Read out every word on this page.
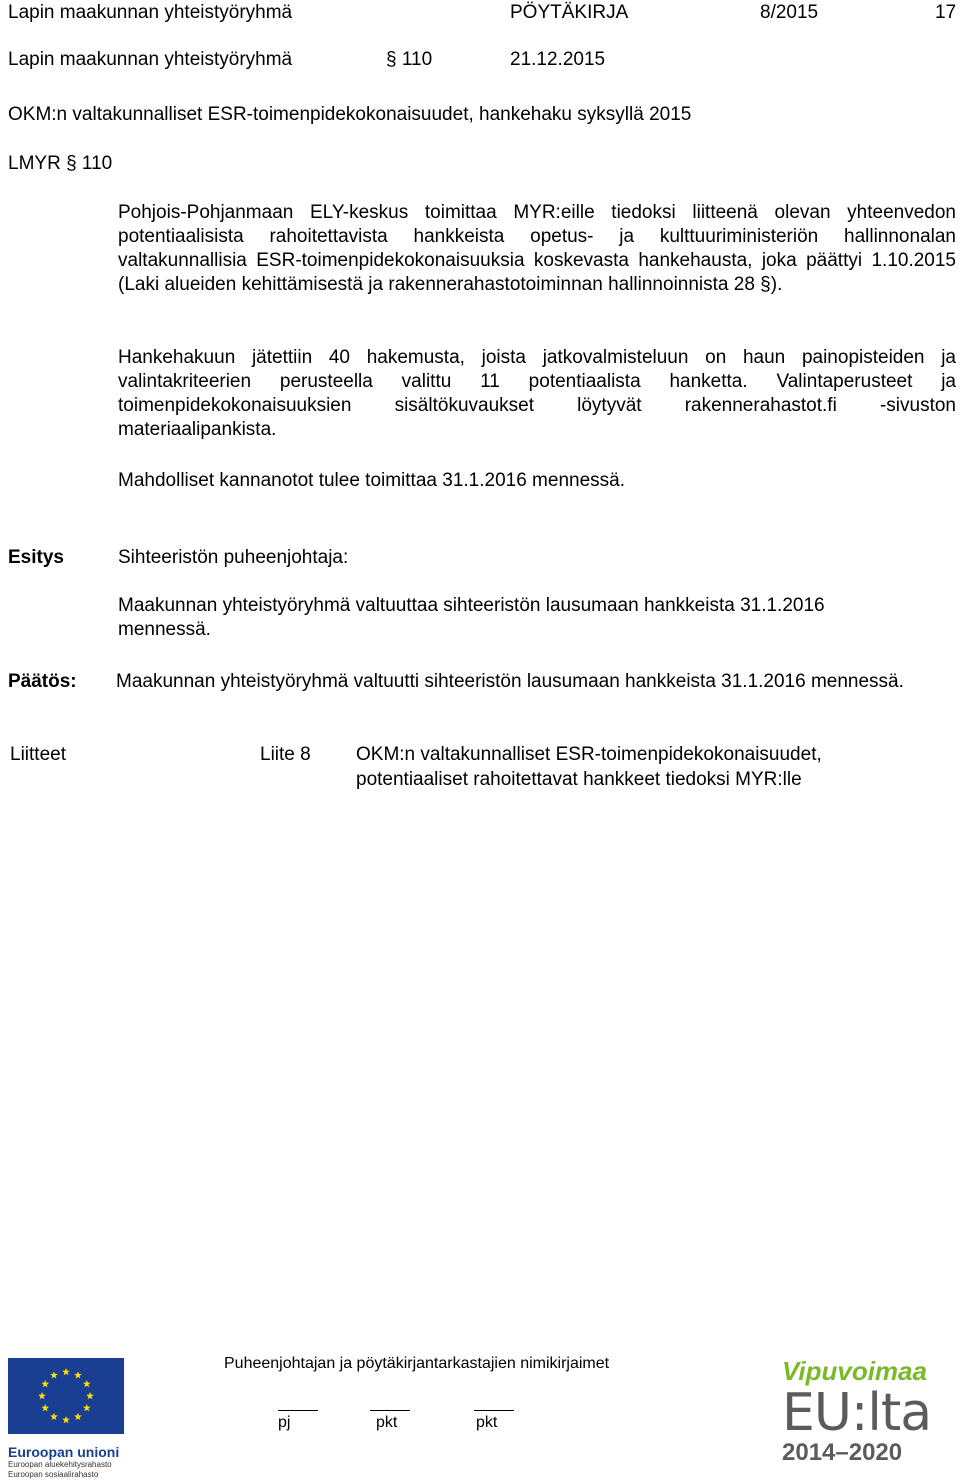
Lapin maakunnan yhteistyöryhmä	PÖYTÄKIRJA	8/2015	17
Lapin maakunnan yhteistyöryhmä	§ 110	21.12.2015
OKM:n valtakunnalliset ESR-toimenpidekokonaisuudet, hankehaku syksyllä 2015
LMYR § 110
Pohjois-Pohjanmaan ELY-keskus toimittaa MYR:eille tiedoksi liitteenä olevan yhteenvedon potentiaalisista rahoitettavista hankkeista opetus- ja kulttuuriministeriön hallinnonalan valtakunnallisia ESR-toimenpidekokonaisuuksia koskevasta hankehausta, joka päättyi 1.10.2015 (Laki alueiden kehittämisestä ja rakennerahastotoiminnan hallinnoinnista 28 §).
Hankehakuun jätettiin 40 hakemusta, joista jatkovalmisteluun on haun painopisteiden ja valintakriteerien perusteella valittu 11 potentiaalista hanketta. Valintaperusteet ja toimenpidekokonaisuuksien sisältökuvaukset löytyvät rakennerahastot.fi -sivuston materiaalipankista.
Mahdolliset kannanotot tulee toimittaa 31.1.2016 mennessä.
Esitys	Sihteeristön puheenjohtaja:
Maakunnan yhteistyöryhmä valtuuttaa sihteeristön lausumaan hankkeista 31.1.2016 mennessä.
Päätös: Maakunnan yhteistyöryhmä valtuutti sihteeristön lausumaan hankkeista 31.1.2016 mennessä.
Liitteet	Liite 8 OKM:n valtakunnalliset ESR-toimenpidekokonaisuudet,
potentiaaliset rahoitettavat hankkeet tiedoksi MYR:lle
Puheenjohtajan ja pöytäkirjantarkastajien nimikirjaimet
pj	pkt	pkt
Euroopan unioni
Euroopan aluekehitysrahasto
Euroopan sosiaalirahasto
Vipuvoimaa
EU:lta
2014–2020
